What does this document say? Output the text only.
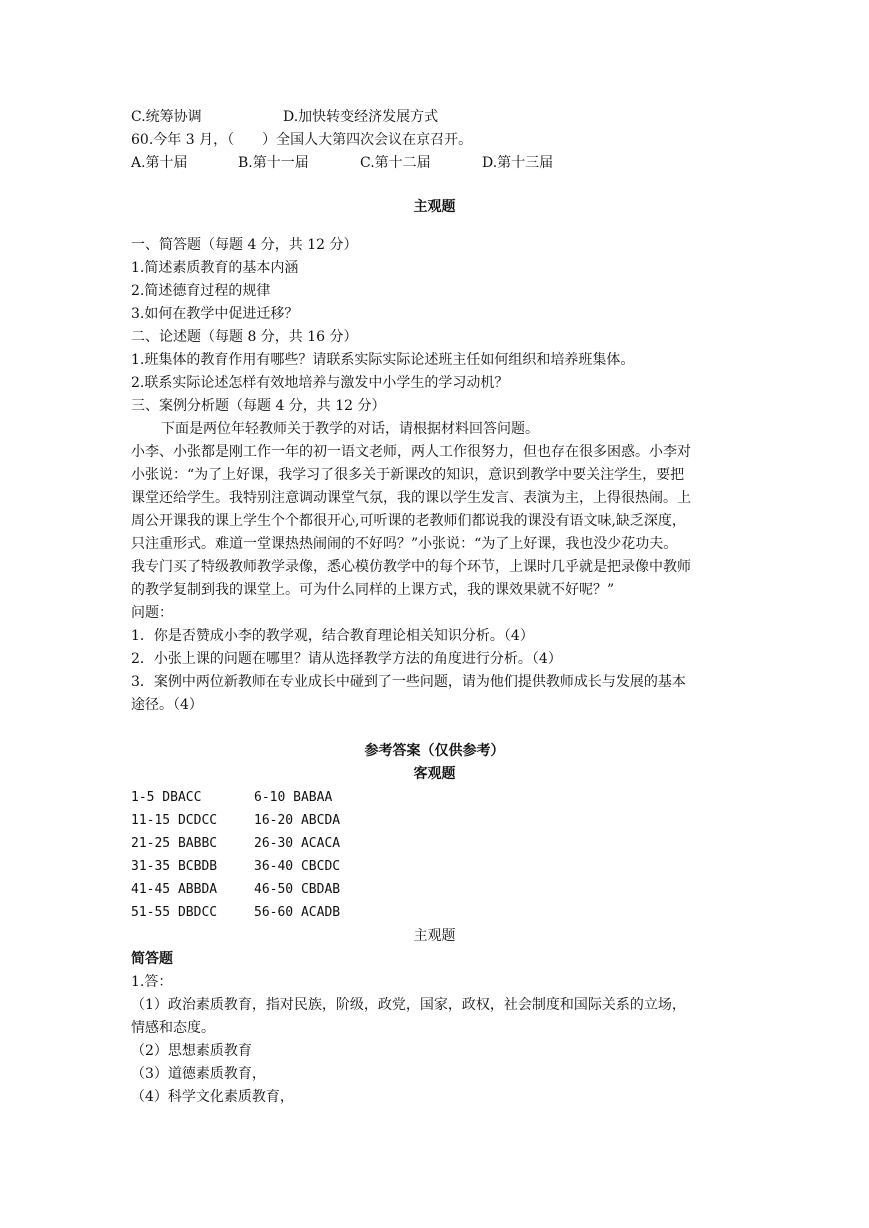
C.统筹协调	D.加快转变经济发展方式
60.今年 3 月，（　　）全国人大第四次会议在京召开。
A.第十届	B.第十一届	C.第十二届	D.第十三届
主观题
一、简答题（每题 4 分，共 12 分）
1.简述素质教育的基本内涵
2.简述德育过程的规律
3.如何在教学中促进迁移？
二、论述题（每题 8 分，共 16 分）
1.班集体的教育作用有哪些？请联系实际实际论述班主任如何组织和培养班集体。
2.联系实际论述怎样有效地培养与激发中小学生的学习动机？
三、案例分析题（每题 4 分，共 12 分）
下面是两位年轻教师关于教学的对话，请根据材料回答问题。
小李、小张都是刚工作一年的初一语文老师，两人工作很努力，但也存在很多困惑。小李对
小张说：“为了上好课，我学习了很多关于新课改的知识，意识到教学中要关注学生，要把
课堂还给学生。我特别注意调动课堂气氛，我的课以学生发言、表演为主，上得很热闹。上
周公开课我的课上学生个个都很开心,可听课的老教师们都说我的课没有语文味,缺乏深度，
只注重形式。难道一堂课热热闹闹的不好吗？”小张说：“为了上好课，我也没少花功夫。
我专门买了特级教师教学录像，悉心模仿教学中的每个环节，上课时几乎就是把录像中教师
的教学复制到我的课堂上。可为什么同样的上课方式，我的课效果就不好呢？”
问题：
1．你是否赞成小李的教学观，结合教育理论相关知识分析。（4）
2．小张上课的问题在哪里？请从选择教学方法的角度进行分析。（4）
3．案例中两位新教师在专业成长中碰到了一些问题，请为他们提供教师成长与发展的基本
途径。（4）
参考答案（仅供参考）
客观题
1-5 DBACC	6-10 BABAA
11-15 DCDCC	16-20 ABCDA
21-25 BABBC	26-30 ACACA
31-35 BCBDB	36-40 CBCDC
41-45 ABBDA	46-50 CBDAB
51-55 DBDCC	56-60 ACADB
主观题
简答题
1.答：
（1）政治素质教育，指对民族，阶级，政党，国家，政权，社会制度和国际关系的立场，
情感和态度。
（2）思想素质教育
（3）道德素质教育，
（4）科学文化素质教育，
